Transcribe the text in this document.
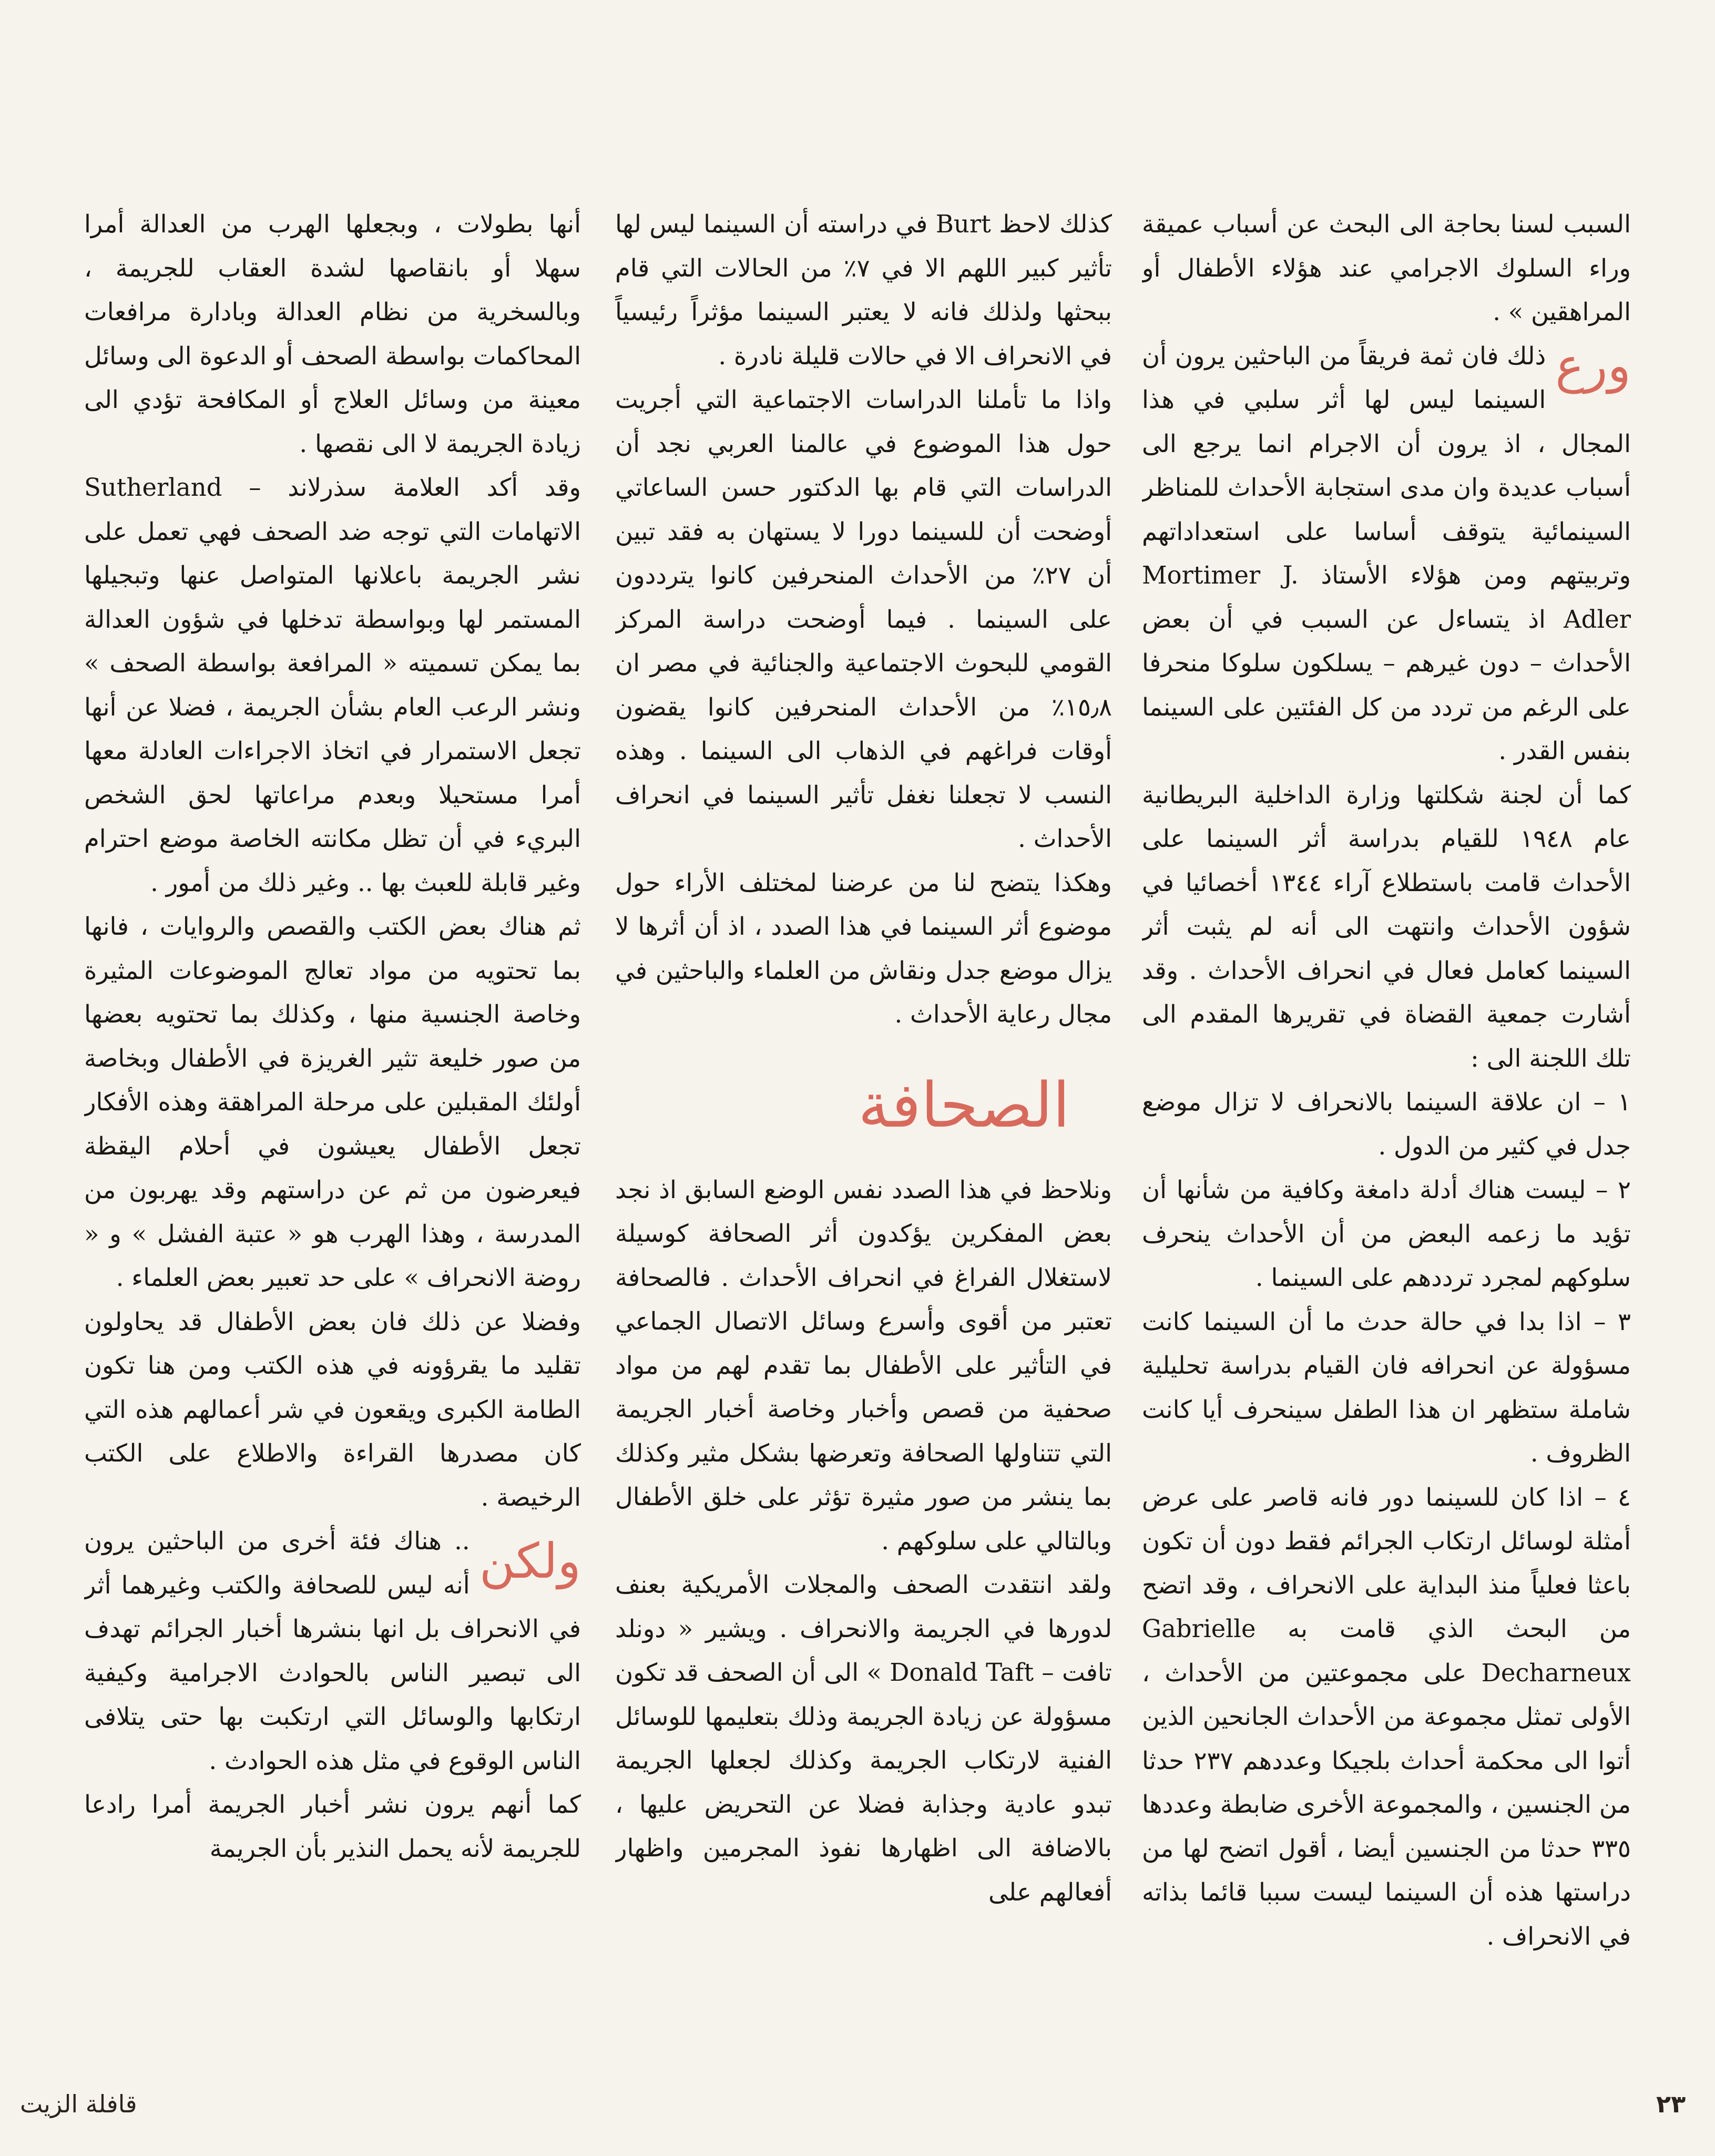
السبب لسنا بحاجة الى البحث عن أسباب عميقة وراء السلوك الاجرامي عند هؤلاء الأطفال أو المراهقين » .

ورع

ذلك فان ثمة فريقاً من الباحثين يرون أن السينما ليس لها أثر سلبي في هذا المجال ، اذ يرون أن الاجرام انما يرجع الى أسباب عديدة وان مدى استجابة الأحداث للمناظر السينمائية يتوقف أساسا على استعداداتهم وتربيتهم ومن هؤلاء الأستاذ Mortimer J. Adler اذ يتساءل عن السبب في أن بعض الأحداث – دون غيرهم – يسلكون سلوكا منحرفا على الرغم من تردد من كل الفئتين على السينما بنفس القدر .

كما أن لجنة شكلتها وزارة الداخلية البريطانية عام ١٩٤٨ للقيام بدراسة أثر السينما على الأحداث قامت باستطلاع آراء ١٣٤٤ أخصائيا في شؤون الأحداث وانتهت الى أنه لم يثبت أثر السينما كعامل فعال في انحراف الأحداث . وقد أشارت جمعية القضاة في تقريرها المقدم الى تلك اللجنة الى :

١ – ان علاقة السينما بالانحراف لا تزال موضع جدل في كثير من الدول .

٢ – ليست هناك أدلة دامغة وكافية من شأنها أن تؤيد ما زعمه البعض من أن الأحداث ينحرف سلوكهم لمجرد ترددهم على السينما .

٣ – اذا بدا في حالة حدث ما أن السينما كانت مسؤولة عن انحرافه فان القيام بدراسة تحليلية شاملة ستظهر ان هذا الطفل سينحرف أيا كانت الظروف .

٤ – اذا كان للسينما دور فانه قاصر على عرض أمثلة لوسائل ارتكاب الجرائم فقط دون أن تكون باعثا فعلياً منذ البداية على الانحراف ، وقد اتضح من البحث الذي قامت به Gabrielle Decharneux على مجموعتين من الأحداث ، الأولى تمثل مجموعة من الأحداث الجانحين الذين أتوا الى محكمة أحداث بلجيكا وعددهم ٢٣٧ حدثا من الجنسين ، والمجموعة الأخرى ضابطة وعددها ٣٣٥ حدثا من الجنسين أيضا ، أقول اتضح لها من دراستها هذه أن السينما ليست سببا قائما بذاته في الانحراف .

كذلك لاحظ Burt في دراسته أن السينما ليس لها تأثير كبير اللهم الا في ٧٪ من الحالات التي قام ببحثها ولذلك فانه لا يعتبر السينما مؤثراً رئيسياً في الانحراف الا في حالات قليلة نادرة .

واذا ما تأملنا الدراسات الاجتماعية التي أجريت حول هذا الموضوع في عالمنا العربي نجد أن الدراسات التي قام بها الدكتور حسن الساعاتي أوضحت أن للسينما دورا لا يستهان به فقد تبين أن ٢٧٪ من الأحداث المنحرفين كانوا يترددون على السينما . فيما أوضحت دراسة المركز القومي للبحوث الاجتماعية والجنائية في مصر ان ١٥٫٨٪ من الأحداث المنحرفين كانوا يقضون أوقات فراغهم في الذهاب الى السينما . وهذه النسب لا تجعلنا نغفل تأثير السينما في انحراف الأحداث .

وهكذا يتضح لنا من عرضنا لمختلف الأراء حول موضوع أثر السينما في هذا الصدد ، اذ أن أثرها لا يزال موضع جدل ونقاش من العلماء والباحثين في مجال رعاية الأحداث .

الصحافة

ونلاحظ في هذا الصدد نفس الوضع السابق اذ نجد بعض المفكرين يؤكدون أثر الصحافة كوسيلة لاستغلال الفراغ في انحراف الأحداث . فالصحافة تعتبر من أقوى وأسرع وسائل الاتصال الجماعي في التأثير على الأطفال بما تقدم لهم من مواد صحفية من قصص وأخبار وخاصة أخبار الجريمة التي تتناولها الصحافة وتعرضها بشكل مثير وكذلك بما ينشر من صور مثيرة تؤثر على خلق الأطفال وبالتالي على سلوكهم .

ولقد انتقدت الصحف والمجلات الأمريكية بعنف لدورها في الجريمة والانحراف . ويشير « دونلد تافت – Donald Taft » الى أن الصحف قد تكون مسؤولة عن زيادة الجريمة وذلك بتعليمها للوسائل الفنية لارتكاب الجريمة وكذلك لجعلها الجريمة تبدو عادية وجذابة فضلا عن التحريض عليها ، بالاضافة الى اظهارها نفوذ المجرمين واظهار أفعالهم على

أنها بطولات ، وبجعلها الهرب من العدالة أمرا سهلا أو بانقاصها لشدة العقاب للجريمة ، وبالسخرية من نظام العدالة وبادارة مرافعات المحاكمات بواسطة الصحف أو الدعوة الى وسائل معينة من وسائل العلاج أو المكافحة تؤدي الى زيادة الجريمة لا الى نقصها .

وقد أكد العلامة سذرلاند – Sutherland الاتهامات التي توجه ضد الصحف فهي تعمل على نشر الجريمة باعلانها المتواصل عنها وتبجيلها المستمر لها وبواسطة تدخلها في شؤون العدالة بما يمكن تسميته « المرافعة بواسطة الصحف » ونشر الرعب العام بشأن الجريمة ، فضلا عن أنها تجعل الاستمرار في اتخاذ الاجراءات العادلة معها أمرا مستحيلا وبعدم مراعاتها لحق الشخص البريء في أن تظل مكانته الخاصة موضع احترام وغير قابلة للعبث بها .. وغير ذلك من أمور .

ثم هناك بعض الكتب والقصص والروايات ، فانها بما تحتويه من مواد تعالج الموضوعات المثيرة وخاصة الجنسية منها ، وكذلك بما تحتويه بعضها من صور خليعة تثير الغريزة في الأطفال وبخاصة أولئك المقبلين على مرحلة المراهقة وهذه الأفكار تجعل الأطفال يعيشون في أحلام اليقظة فيعرضون من ثم عن دراستهم وقد يهربون من المدرسة ، وهذا الهرب هو « عتبة الفشل » و « روضة الانحراف » على حد تعبير بعض العلماء .

وفضلا عن ذلك فان بعض الأطفال قد يحاولون تقليد ما يقرؤونه في هذه الكتب ومن هنا تكون الطامة الكبرى ويقعون في شر أعمالهم هذه التي كان مصدرها القراءة والاطلاع على الكتب الرخيصة .

ولكن

.. هناك فئة أخرى من الباحثين يرون أنه ليس للصحافة والكتب وغيرهما أثر في الانحراف بل انها بنشرها أخبار الجرائم تهدف الى تبصير الناس بالحوادث الاجرامية وكيفية ارتكابها والوسائل التي ارتكبت بها حتى يتلافى الناس الوقوع في مثل هذه الحوادث .

كما أنهم يرون نشر أخبار الجريمة أمرا رادعا للجريمة لأنه يحمل النذير بأن الجريمة

قافلة الزيت	٢٣
